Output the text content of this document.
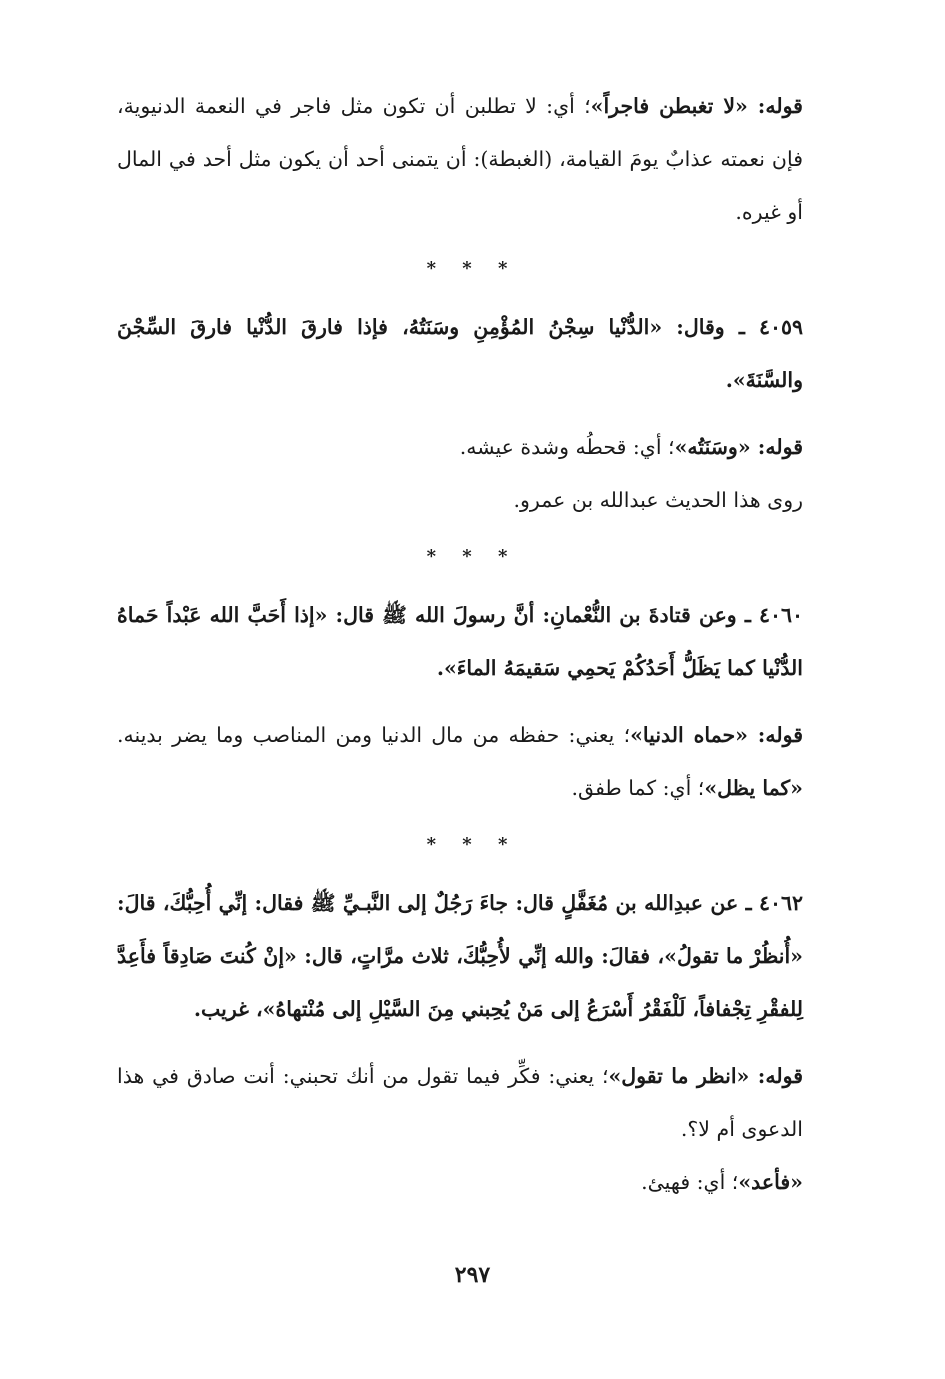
قوله: «لا تغبطن فاجراً»؛ أي: لا تطلبن أن تكون مثل فاجر في النعمة الدنيوية، فإن نعمته عذابٌ يومَ القيامة، (الغبطة): أن يتمنى أحد أن يكون مثل أحد في المال أو غيره.

* * *

٤٠٥٩ ـ وقال: «الدُّنْيا سِجْنُ المُؤْمِنِ وسَنَتُهُ، فإذا فارقَ الدُّنْيا فارقَ السِّجْنَ والسَّنَةَ».

قوله: «وسَنَتُه»؛ أي: قحطُه وشدة عيشه.

روى هذا الحديث عبدالله بن عمرو.

* * *

٤٠٦٠ ـ وعن قتادةَ بن النُّعْمانِ: أنَّ رسولَ الله ﷺ قال: «إذا أَحَبَّ الله عَبْداً حَماهُ الدُّنْيا كما يَظَلُّ أَحَدُكُمْ يَحمِي سَقيمَهُ الماءَ».

قوله: «حماه الدنيا»؛ يعني: حفظه من مال الدنيا ومن المناصب وما يضر بدينه. «كما يظل»؛ أي: كما طفق.

* * *

٤٠٦٢ ـ عن عبدِالله بن مُغَفَّلٍ قال: جاءَ رَجُلٌ إلى النَّبـيِّ ﷺ فقال: إنِّي أُحِبُّكَ، قالَ: «أُنظُرْ ما تقولُ»، فقالَ: والله إنِّي لأُحِبُّكَ، ثلاث مرَّاتٍ، قال: «إنْ كُنتَ صَادِقاً فأَعِدَّ لِلفقْرِ تِجْفافاً، لَلْفَقْرُ أَسْرَعُ إلى مَنْ يُحِبني مِنَ السَّيْلِ إلى مُنْتهاهُ»، غريب.

قوله: «انظر ما تقول»؛ يعني: فكِّر فيما تقول من أنك تحبني: أنت صادق في هذا الدعوى أم لا؟.

«فأعد»؛ أي: فهيئ.

٢٩٧
